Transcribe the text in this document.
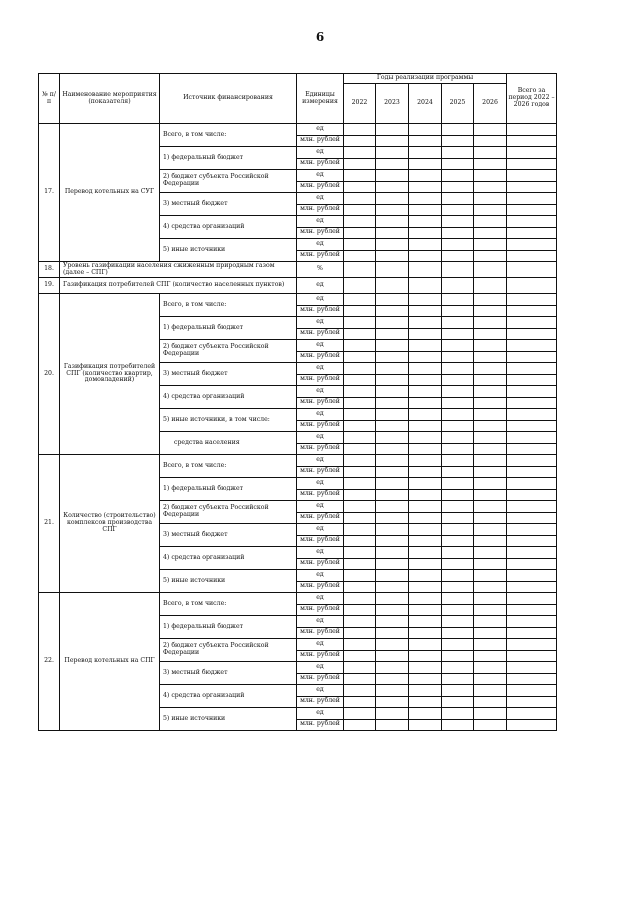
6
№ п/п	Наименование мероприятия (показателя)	Источник финансирования	Единицы измерения	Годы реализации программы					Всего за период 2022 – 2026 годов
				2022	2023	2024	2025	2026	
17.	Перевод котельных на СУГ	Всего, в том числе:	ед						
			млн. рублей						
		1) федеральный бюджет	ед						
			млн. рублей						
		2) бюджет субъекта Российской Федерации	ед						
			млн. рублей						
		3) местный бюджет	ед						
			млн. рублей						
		4) средства организаций	ед						
			млн. рублей						
		5) иные источники	ед						
			млн. рублей						
18.	Уровень газификации населения сжиженным природным газом (далее – СПГ)		%						
19.	Газификация потребителей СПГ (количество населенных пунктов)		ед						
20.	Газификация потребителей СПГ (количество квартир, домовладений)	Всего, в том числе:	ед						
			млн. рублей						
		1) федеральный бюджет	ед						
			млн. рублей						
		2) бюджет субъекта Российской Федерации	ед						
			млн. рублей						
		3) местный бюджет	ед						
			млн. рублей						
		4) средства организаций	ед						
			млн. рублей						
		5) иные источники, в том числе:	ед						
			млн. рублей						
		средства населения	ед						
			млн. рублей						
21.	Количество (строительство) комплексов производства СПГ	Всего, в том числе:	ед						
			млн. рублей						
		1) федеральный бюджет	ед						
			млн. рублей						
		2) бюджет субъекта Российской Федерации	ед						
			млн. рублей						
		3) местный бюджет	ед						
			млн. рублей						
		4) средства организаций	ед						
			млн. рублей						
		5) иные источники	ед						
			млн. рублей						
22.	Перевод котельных на СПГ	Всего, в том числе:	ед						
			млн. рублей						
		1) федеральный бюджет	ед						
			млн. рублей						
		2) бюджет субъекта Российской Федерации	ед						
			млн. рублей						
		3) местный бюджет	ед						
			млн. рублей						
		4) средства организаций	ед						
			млн. рублей						
		5) иные источники	ед						
			млн. рублей						
